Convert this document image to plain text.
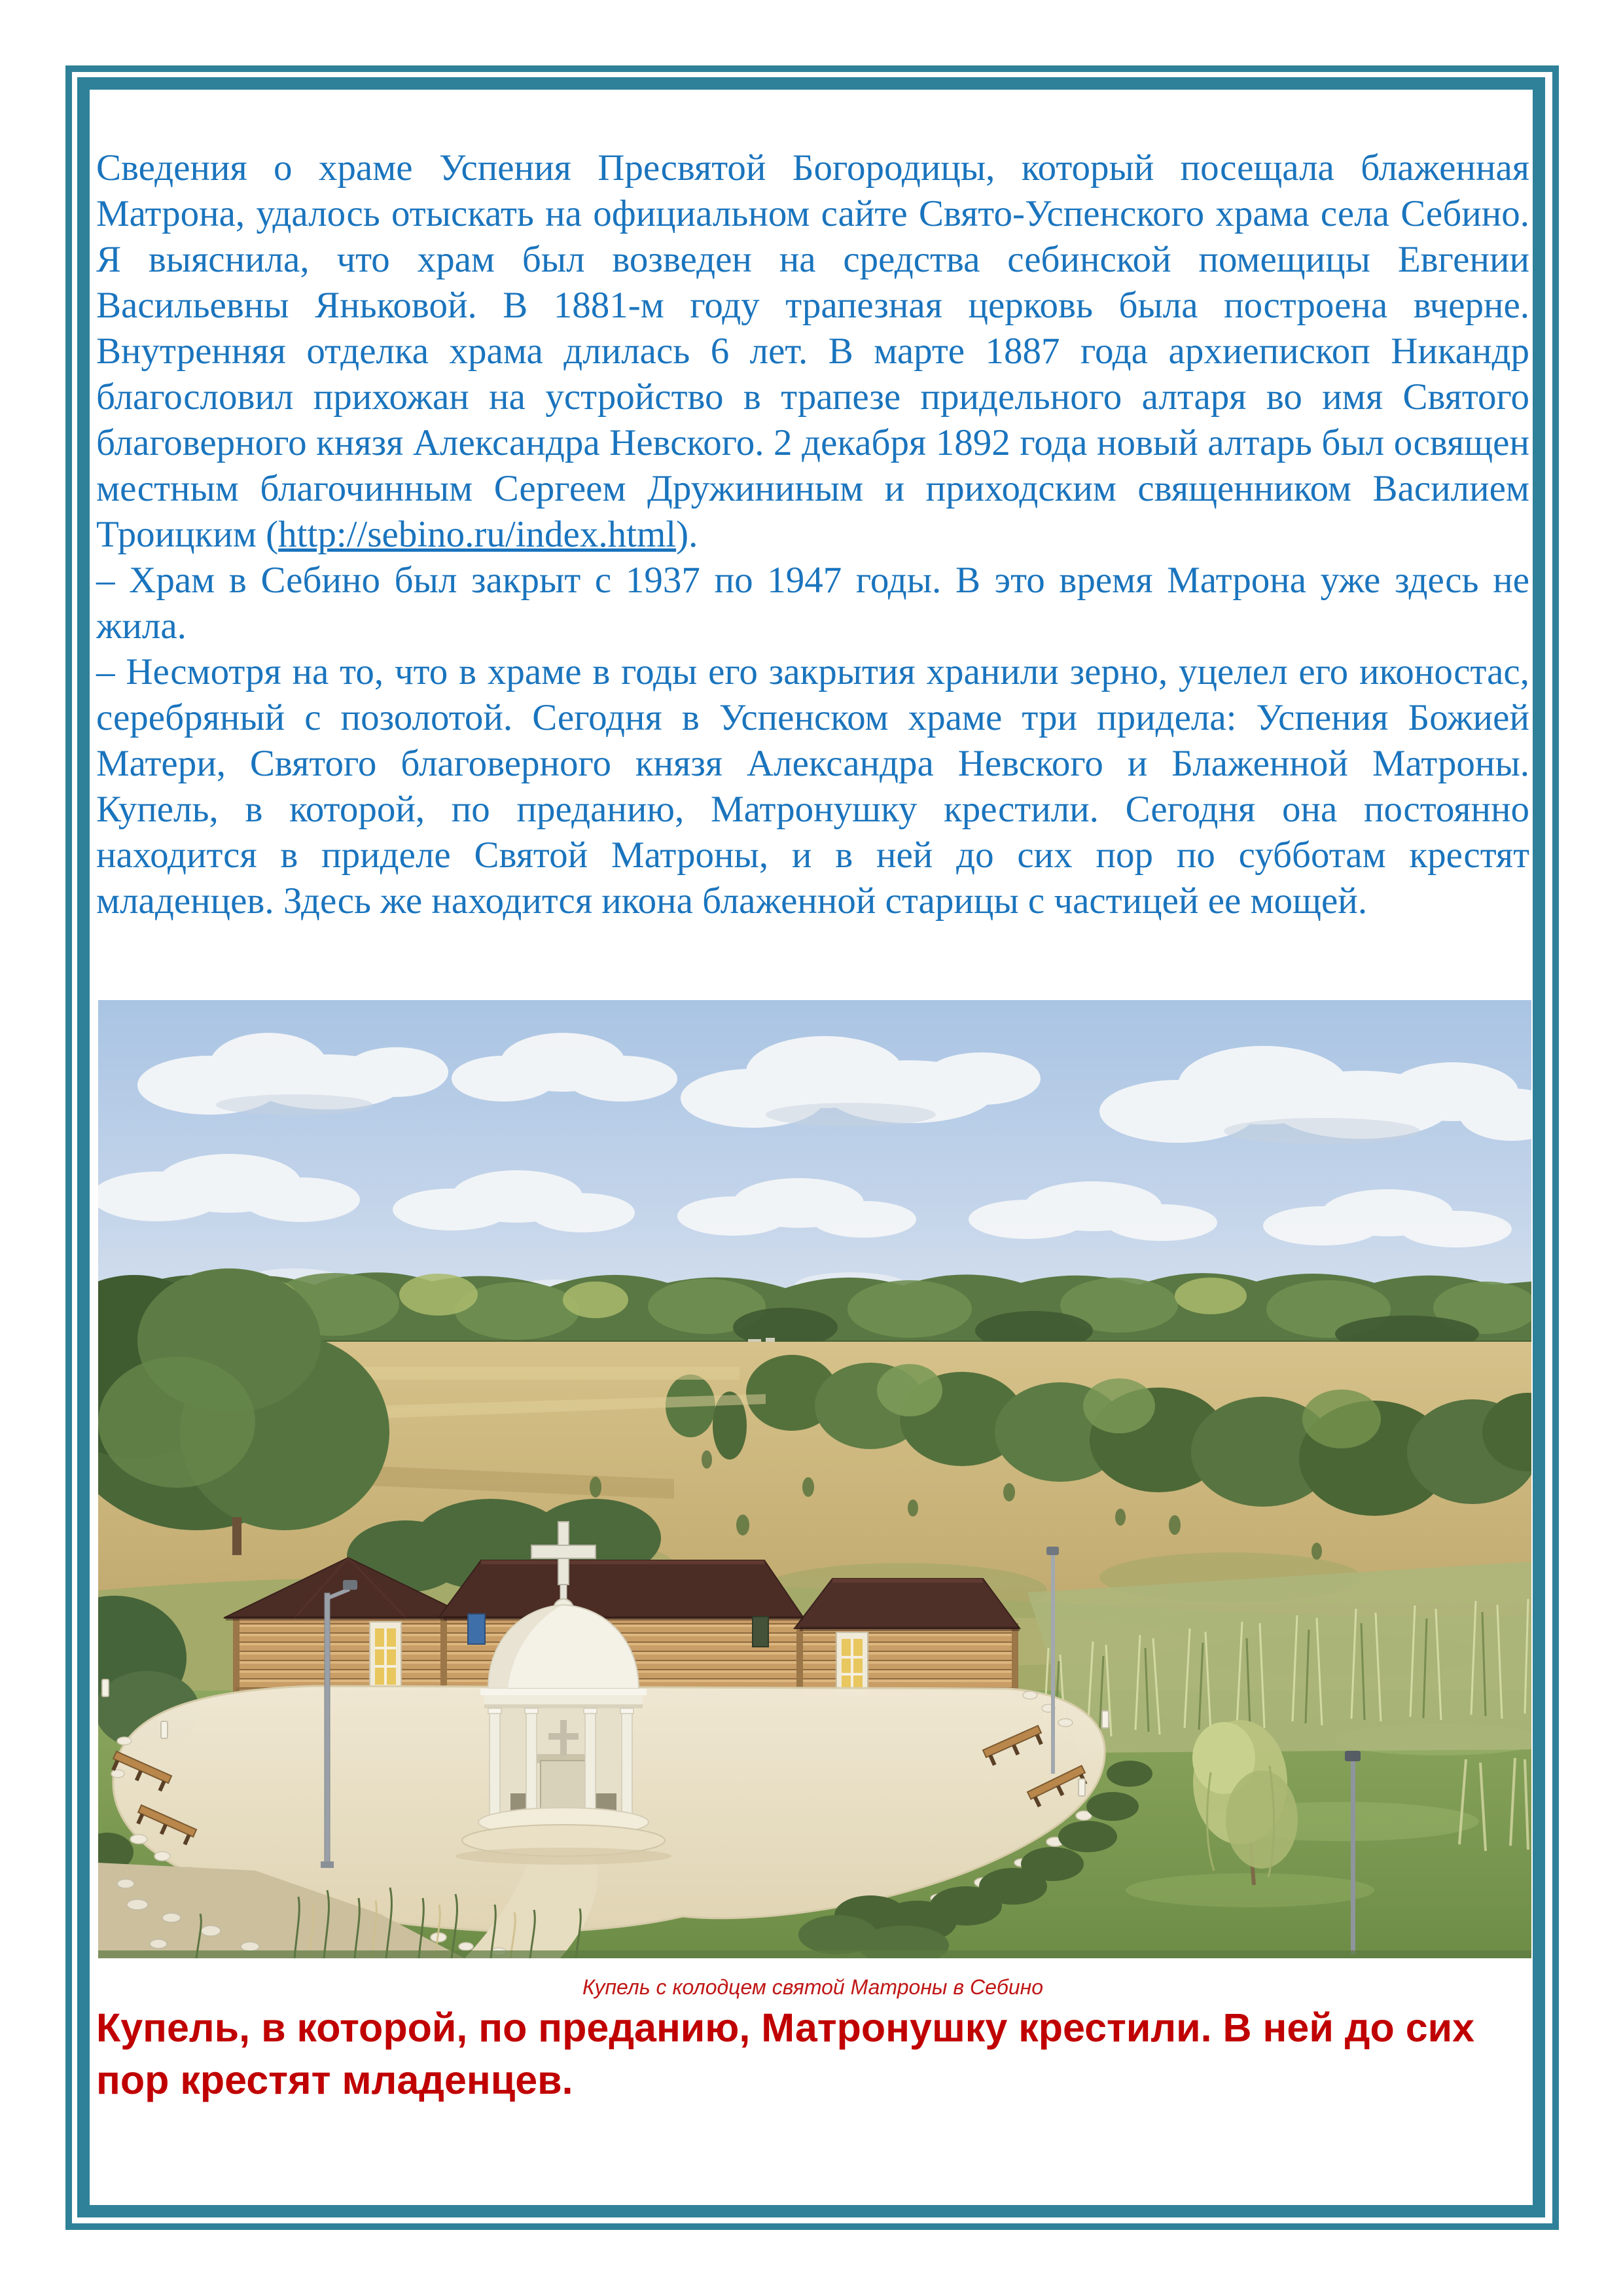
Сведения о храме Успения Пресвятой Богородицы, который посещала блаженная Матрона, удалось отыскать на официальном сайте Свято-Успенского храма села Себино. Я выяснила, что храм был возведен на средства себинской помещицы Евгении Васильевны Яньковой. В 1881-м году трапезная церковь была построена вчерне. Внутренняя отделка храма длилась 6 лет. В марте 1887 года архиепископ Никандр благословил прихожан на устройство в трапезе придельного алтаря во имя Святого благоверного князя Александра Невского. 2 декабря 1892 года новый алтарь был освящен местным благочинным Сергеем Дружининым и приходским священником Василием Троицким (http://sebino.ru/index.html).

– Храм в Себино был закрыт с 1937 по 1947 годы. В это время Матрона уже здесь не жила.

– Несмотря на то, что в храме в годы его закрытия хранили зерно, уцелел его иконостас, серебряный с позолотой. Сегодня в Успенском храме три придела: Успения Божией Матери, Святого благоверного князя Александра Невского и Блаженной Матроны. Купель, в которой, по преданию, Матронушку крестили. Сегодня она постоянно находится в приделе Святой Матроны, и в ней до сих пор по субботам крестят младенцев. Здесь же находится икона блаженной старицы с частицей ее мощей.

Купель с колодцем святой Матроны в Себино
Купель, в которой, по преданию, Матронушку крестили. В ней до сих пор крестят младенцев.
